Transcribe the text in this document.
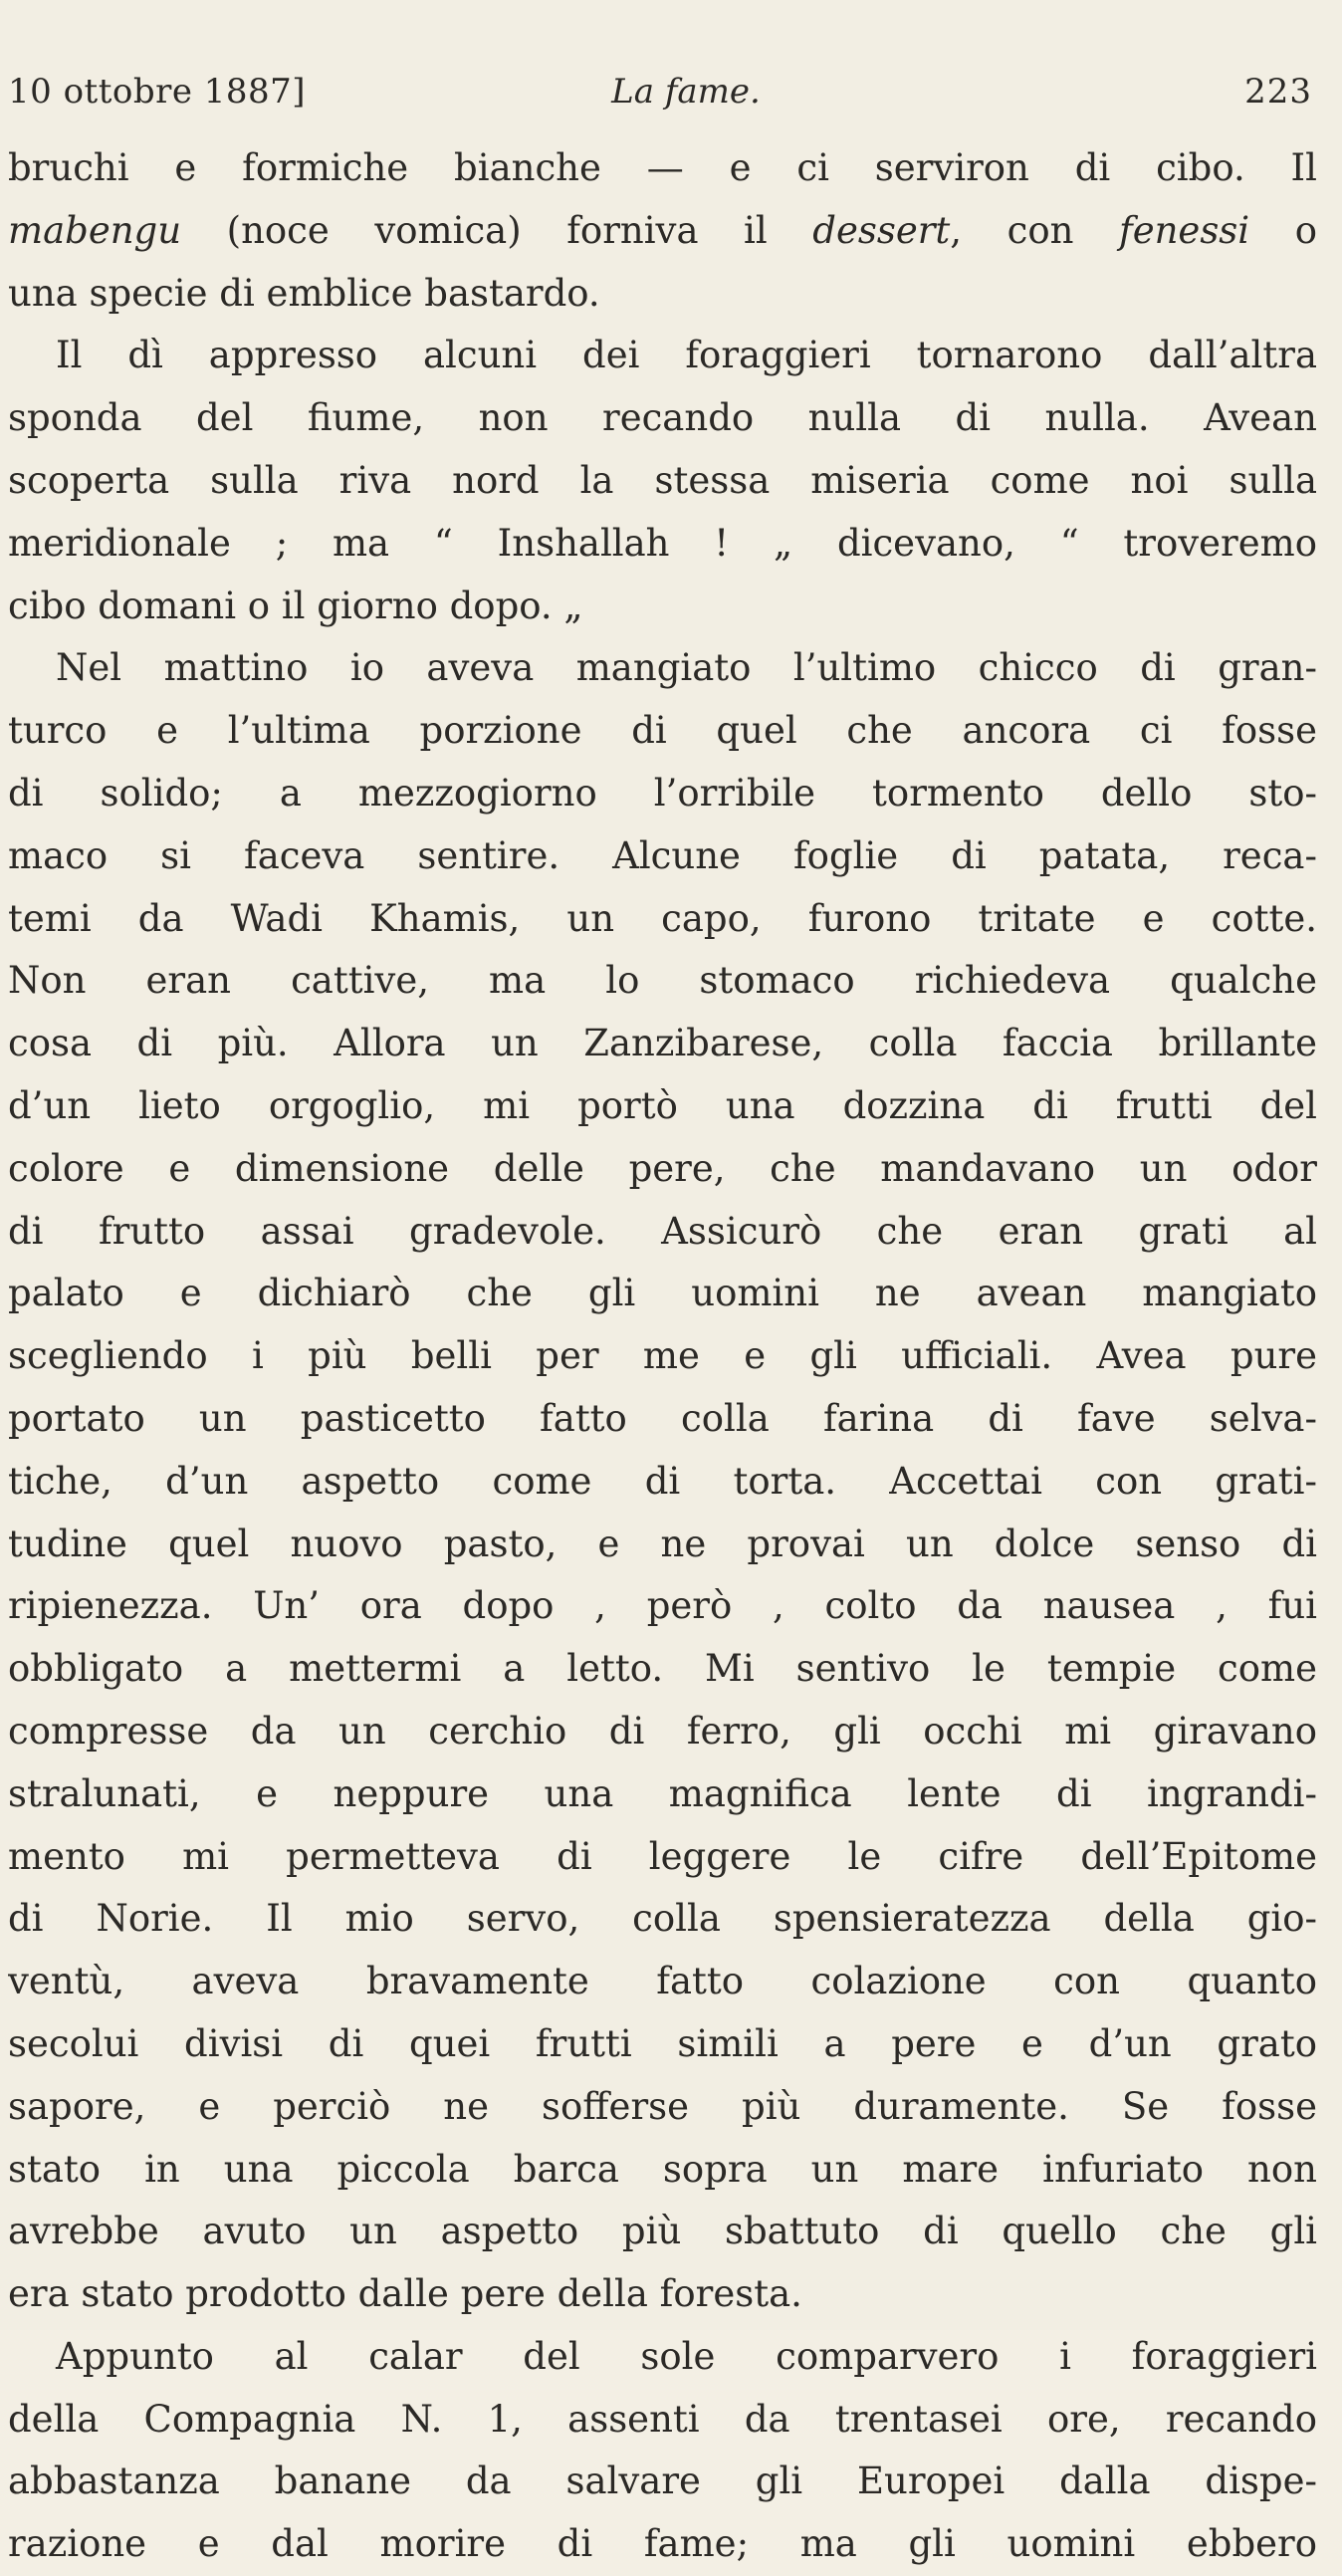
10 ottobre 1887]	La fame.	223
bruchi e formiche bianche — e ci serviron di cibo. Il
mabengu (noce vomica) forniva il dessert, con fenessi o
una specie di emblice bastardo.
Il dì appresso alcuni dei foraggieri tornarono dall’altra
sponda del fiume, non recando nulla di nulla. Avean
scoperta sulla riva nord la stessa miseria come noi sulla
meridionale ; ma “ Inshallah ! „ dicevano, “ troveremo
cibo domani o il giorno dopo. „
Nel mattino io aveva mangiato l’ultimo chicco di gran-
turco e l’ultima porzione di quel che ancora ci fosse
di solido; a mezzogiorno l’orribile tormento dello sto-
maco si faceva sentire. Alcune foglie di patata, reca-
temi da Wadi Khamis, un capo, furono tritate e cotte.
Non eran cattive, ma lo stomaco richiedeva qualche
cosa di più. Allora un Zanzibarese, colla faccia brillante
d’un lieto orgoglio, mi portò una dozzina di frutti del
colore e dimensione delle pere, che mandavano un odor
di frutto assai gradevole. Assicurò che eran grati al
palato e dichiarò che gli uomini ne avean mangiato
scegliendo i più belli per me e gli ufficiali. Avea pure
portato un pasticetto fatto colla farina di fave selva-
tiche, d’un aspetto come di torta. Accettai con grati-
tudine quel nuovo pasto, e ne provai un dolce senso di
ripienezza. Un’ ora dopo , però , colto da nausea , fui
obbligato a mettermi a letto. Mi sentivo le tempie come
compresse da un cerchio di ferro, gli occhi mi giravano
stralunati, e neppure una magnifica lente di ingrandi-
mento mi permetteva di leggere le cifre dell’Epitome
di Norie. Il mio servo, colla spensieratezza della gio-
ventù, aveva bravamente fatto colazione con quanto
secolui divisi di quei frutti simili a pere e d’un grato
sapore, e perciò ne sofferse più duramente. Se fosse
stato in una piccola barca sopra un mare infuriato non
avrebbe avuto un aspetto più sbattuto di quello che gli
era stato prodotto dalle pere della foresta.
Appunto al calar del sole comparvero i foraggieri
della Compagnia N. 1, assenti da trentasei ore, recando
abbastanza banane da salvare gli Europei dalla dispe-
razione e dal morire di fame; ma gli uomini ebbero
